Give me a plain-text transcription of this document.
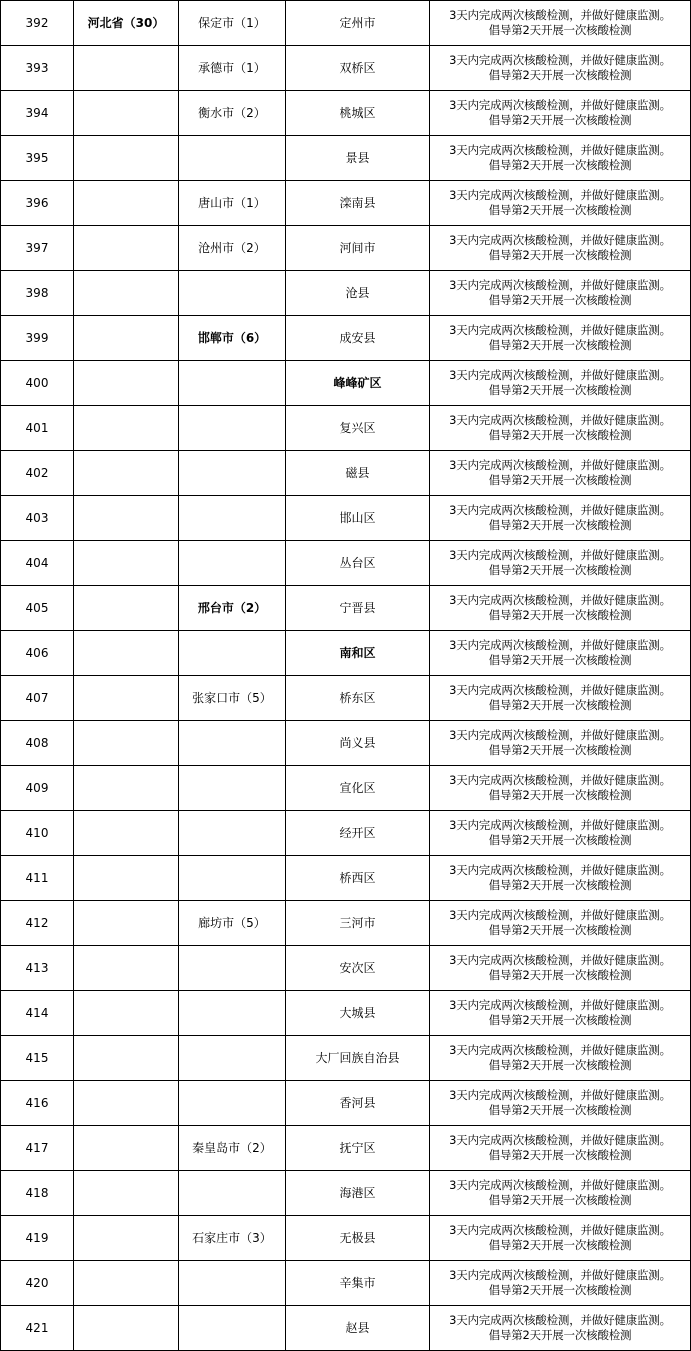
392	河北省（30）	保定市（1）	定州市	3天内完成两次核酸检测，并做好健康监测。
倡导第2天开展一次核酸检测

393		承德市（1）	双桥区	3天内完成两次核酸检测，并做好健康监测。
倡导第2天开展一次核酸检测

394		衡水市（2）	桃城区	3天内完成两次核酸检测，并做好健康监测。
倡导第2天开展一次核酸检测

395			景县	3天内完成两次核酸检测，并做好健康监测。
倡导第2天开展一次核酸检测

396		唐山市（1）	滦南县	3天内完成两次核酸检测，并做好健康监测。
倡导第2天开展一次核酸检测

397		沧州市（2）	河间市	3天内完成两次核酸检测，并做好健康监测。
倡导第2天开展一次核酸检测

398			沧县	3天内完成两次核酸检测，并做好健康监测。
倡导第2天开展一次核酸检测

399		邯郸市（6）	成安县	3天内完成两次核酸检测，并做好健康监测。
倡导第2天开展一次核酸检测

400			峰峰矿区	3天内完成两次核酸检测，并做好健康监测。
倡导第2天开展一次核酸检测

401			复兴区	3天内完成两次核酸检测，并做好健康监测。
倡导第2天开展一次核酸检测

402			磁县	3天内完成两次核酸检测，并做好健康监测。
倡导第2天开展一次核酸检测

403			邯山区	3天内完成两次核酸检测，并做好健康监测。
倡导第2天开展一次核酸检测

404			丛台区	3天内完成两次核酸检测，并做好健康监测。
倡导第2天开展一次核酸检测

405		邢台市（2）	宁晋县	3天内完成两次核酸检测，并做好健康监测。
倡导第2天开展一次核酸检测

406			南和区	3天内完成两次核酸检测，并做好健康监测。
倡导第2天开展一次核酸检测

407		张家口市（5）	桥东区	3天内完成两次核酸检测，并做好健康监测。
倡导第2天开展一次核酸检测

408			尚义县	3天内完成两次核酸检测，并做好健康监测。
倡导第2天开展一次核酸检测

409			宣化区	3天内完成两次核酸检测，并做好健康监测。
倡导第2天开展一次核酸检测

410			经开区	3天内完成两次核酸检测，并做好健康监测。
倡导第2天开展一次核酸检测

411			桥西区	3天内完成两次核酸检测，并做好健康监测。
倡导第2天开展一次核酸检测

412		廊坊市（5）	三河市	3天内完成两次核酸检测，并做好健康监测。
倡导第2天开展一次核酸检测

413			安次区	3天内完成两次核酸检测，并做好健康监测。
倡导第2天开展一次核酸检测

414			大城县	3天内完成两次核酸检测，并做好健康监测。
倡导第2天开展一次核酸检测

415			大厂回族自治县	3天内完成两次核酸检测，并做好健康监测。
倡导第2天开展一次核酸检测

416			香河县	3天内完成两次核酸检测，并做好健康监测。
倡导第2天开展一次核酸检测

417		秦皇岛市（2）	抚宁区	3天内完成两次核酸检测，并做好健康监测。
倡导第2天开展一次核酸检测

418			海港区	3天内完成两次核酸检测，并做好健康监测。
倡导第2天开展一次核酸检测

419		石家庄市（3）	无极县	3天内完成两次核酸检测，并做好健康监测。
倡导第2天开展一次核酸检测

420			辛集市	3天内完成两次核酸检测，并做好健康监测。
倡导第2天开展一次核酸检测

421			赵县	3天内完成两次核酸检测，并做好健康监测。
倡导第2天开展一次核酸检测
